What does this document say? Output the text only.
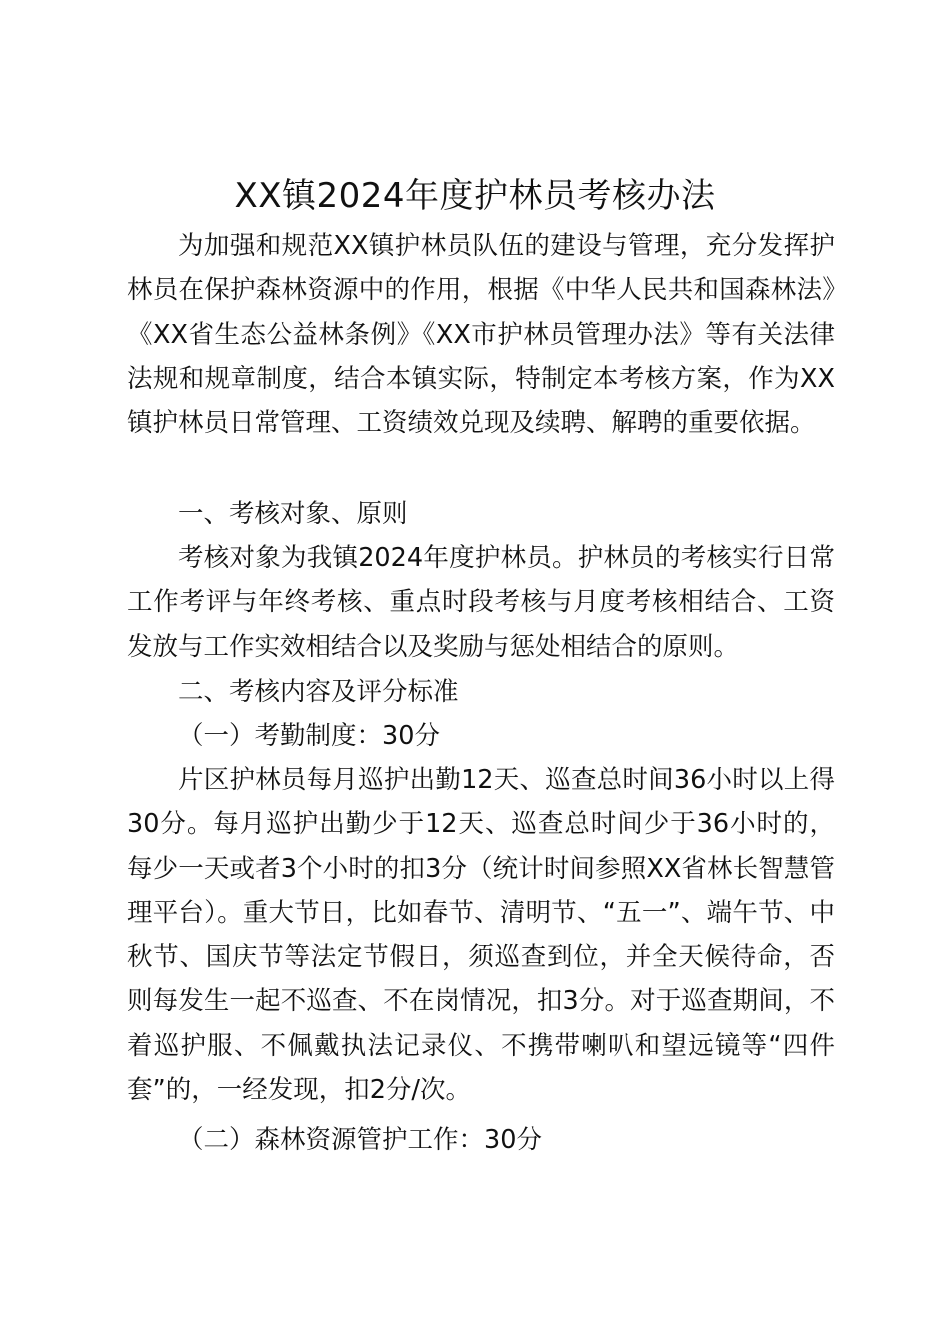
XX镇2024年度护林员考核办法

为加强和规范XX镇护林员队伍的建设与管理，充分发挥护林员在保护森林资源中的作用，根据《中华人民共和国森林法》《XX省生态公益林条例》《XX市护林员管理办法》等有关法律法规和规章制度，结合本镇实际，特制定本考核方案，作为XX镇护林员日常管理、工资绩效兑现及续聘、解聘的重要依据。

一、考核对象、原则

考核对象为我镇2024年度护林员。护林员的考核实行日常工作考评与年终考核、重点时段考核与月度考核相结合、工资发放与工作实效相结合以及奖励与惩处相结合的原则。

二、考核内容及评分标准

（一）考勤制度：30分

片区护林员每月巡护出勤12天、巡查总时间36小时以上得30分。每月巡护出勤少于12天、巡查总时间少于36小时的，每少一天或者3个小时的扣3分（统计时间参照XX省林长智慧管理平台）。重大节日，比如春节、清明节、“五一”、端午节、中秋节、国庆节等法定节假日，须巡查到位，并全天候待命，否则每发生一起不巡查、不在岗情况，扣3分。对于巡查期间，不着巡护服、不佩戴执法记录仪、不携带喇叭和望远镜等“四件套”的，一经发现，扣2分/次。

（二）森林资源管护工作：30分
